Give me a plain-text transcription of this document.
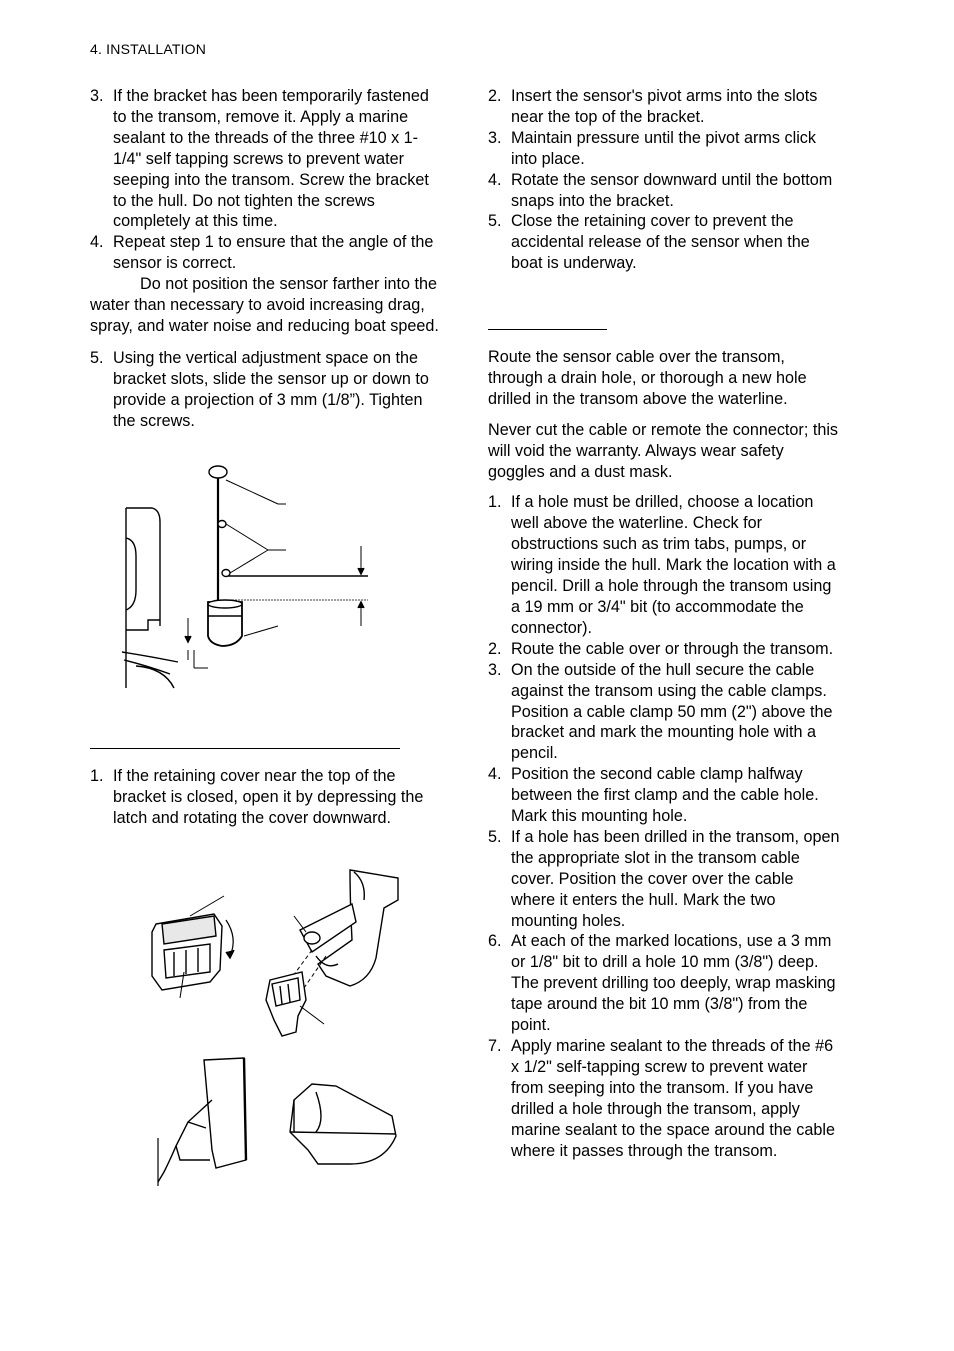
4. INSTALLATION
3. If the bracket has been temporarily fastened to the transom, remove it. Apply a marine sealant to the threads of the three #10 x 1-1/4" self tapping screws to prevent water seeping into the transom. Screw the bracket to the hull. Do not tighten the screws completely at this time.
4. Repeat step 1 to ensure that the angle of the sensor is correct.

Do not position the sensor farther into the water than necessary to avoid increasing drag, spray, and water noise and reducing boat speed.

5. Using the vertical adjustment space on the bracket slots, slide the sensor up or down to provide a projection of 3 mm (1/8”). Tighten the screws.
1. If the retaining cover near the top of the bracket is closed, open it by depressing the latch and rotating the cover downward.
2. Insert the sensor's pivot arms into the slots near the top of the bracket.
3. Maintain pressure until the pivot arms click into place.
4. Rotate the sensor downward until the bottom snaps into the bracket.
5. Close the retaining cover to prevent the accidental release of the sensor when the boat is underway.

Route the sensor cable over the transom, through a drain hole, or thorough a new hole drilled in the transom above the waterline.

Never cut the cable or remote the connector; this will void the warranty. Always wear safety goggles and a dust mask.

1. If a hole must be drilled, choose a location well above the waterline. Check for obstructions such as trim tabs, pumps, or wiring inside the hull. Mark the location with a pencil. Drill a hole through the transom using a 19 mm or 3/4" bit (to accommodate the connector).
2. Route the cable over or through the transom.
3. On the outside of the hull secure the cable against the transom using the cable clamps. Position a cable clamp 50 mm (2") above the bracket and mark the mounting hole with a pencil.
4. Position the second cable clamp halfway between the first clamp and the cable hole. Mark this mounting hole.
5. If a hole has been drilled in the transom, open the appropriate slot in the transom cable cover. Position the cover over the cable where it enters the hull. Mark the two mounting holes.
6. At each of the marked locations, use a 3 mm or 1/8" bit to drill a hole 10 mm (3/8") deep. The prevent drilling too deeply, wrap masking tape around the bit 10 mm (3/8") from the point.
7. Apply marine sealant to the threads of the #6 x 1/2" self-tapping screw to prevent water from seeping into the transom. If you have drilled a hole through the transom, apply marine sealant to the space around the cable where it passes through the transom.
